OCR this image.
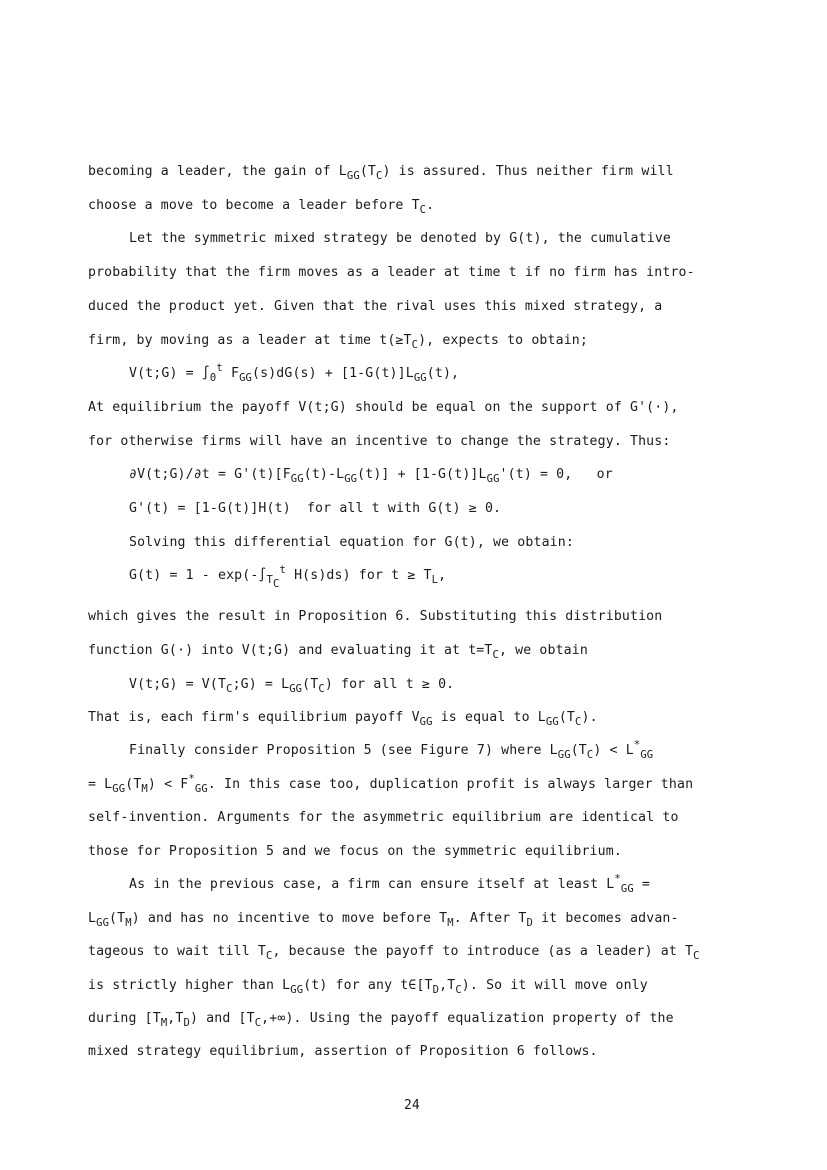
becoming a leader, the gain of $L_{GG}(T_C)$ is assured. Thus neither firm will
choose a move to become a leader before $T_C$.
Let the symmetric mixed strategy be denoted by G(t), the cumulative
probability that the firm moves as a leader at time t if no firm has intro-
duced the product yet. Given that the rival uses this mixed strategy, a
firm, by moving as a leader at time $t(\ge T_C)$, expects to obtain;
V(t;G) = $\int_0^t$ $F_{GG}(s)dG(s) + [1-G(t)]L_{GG}(t)$,
At equilibrium the payoff V(t;G) should be equal on the support of G'(·),
for otherwise firms will have an incentive to change the strategy. Thus:
∂V(t;G)/∂t = $G'(t)[F_{GG}(t)-L_{GG}(t)] + [1-G(t)]L_{GG}'(t) = 0$,   or
G'(t) = [1-G(t)]H(t)  for all t with G(t) ≥ 0.
Solving this differential equation for G(t), we obtain:
$G(t) = 1 - \exp(-\int_{T_C}^t$ H(s)ds) for $t \ge T_L$,
which gives the result in Proposition 6. Substituting this distribution
function G(·) into V(t;G) and evaluating it at $t=T_C$, we obtain
V(t;G) = $V(T_C;G) = L_{GG}(T_C)$ for all t ≥ 0.
That is, each firm's equilibrium payoff $V_{GG}$ is equal to $L_{GG}(T_C)$.
Finally consider Proposition 5 (see Figure 7) where $L_{GG}(T_C) < L^*_{GG}$
= $L_{GG}(T_M) < F^*_{GG}$. In this case too, duplication profit is always larger than
self-invention. Arguments for the asymmetric equilibrium are identical to
those for Proposition 5 and we focus on the symmetric equilibrium.
As in the previous case, a firm can ensure itself at least $L^*_{GG}$ =
$L_{GG}(T_M)$ and has no incentive to move before $T_M$. After $T_D$ it becomes advan-
tageous to wait till $T_C$, because the payoff to introduce (as a leader) at $T_C$
is strictly higher than $L_{GG}(t)$ for any $t\in[T_D,T_C)$. So it will move only
during $[T_M,T_D)$ and $[T_C,+\infty)$. Using the payoff equalization property of the
mixed strategy equilibrium, assertion of Proposition 6 follows.
24
